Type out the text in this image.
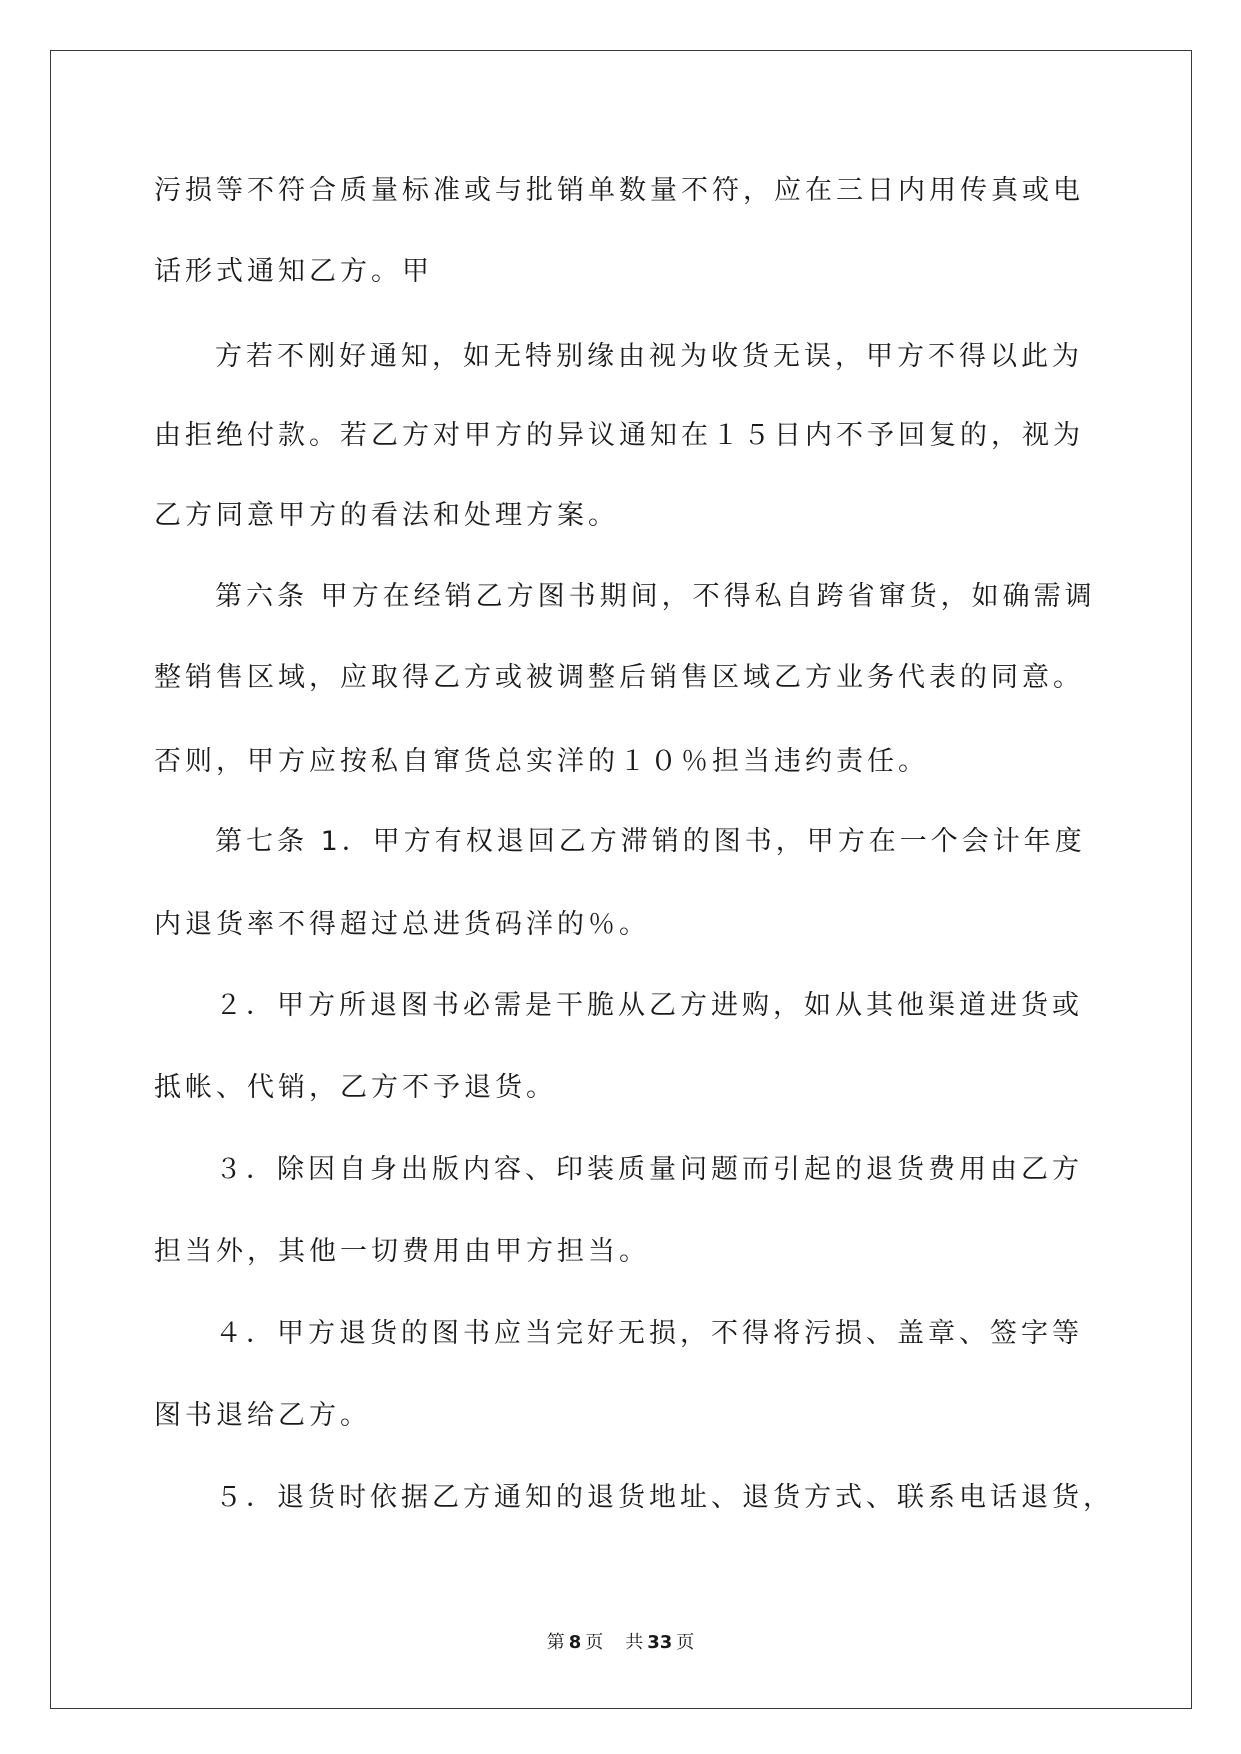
污损等不符合质量标准或与批销单数量不符，应在三日内用传真或电
话形式通知乙方。甲
方若不刚好通知，如无特别缘由视为收货无误，甲方不得以此为
由拒绝付款。若乙方对甲方的异议通知在１５日内不予回复的，视为
乙方同意甲方的看法和处理方案。
第六条 甲方在经销乙方图书期间，不得私自跨省窜货，如确需调
整销售区域，应取得乙方或被调整后销售区域乙方业务代表的同意。
否则，甲方应按私自窜货总实洋的１０％担当违约责任。
第七条 1．甲方有权退回乙方滞销的图书，甲方在一个会计年度
内退货率不得超过总进货码洋的％。
２．甲方所退图书必需是干脆从乙方进购，如从其他渠道进货或
抵帐、代销，乙方不予退货。
３．除因自身出版内容、印装质量问题而引起的退货费用由乙方
担当外，其他一切费用由甲方担当。
４．甲方退货的图书应当完好无损，不得将污损、盖章、签字等
图书退给乙方。
５．退货时依据乙方通知的退货地址、退货方式、联系电话退货，
第 8 页 共 33 页
